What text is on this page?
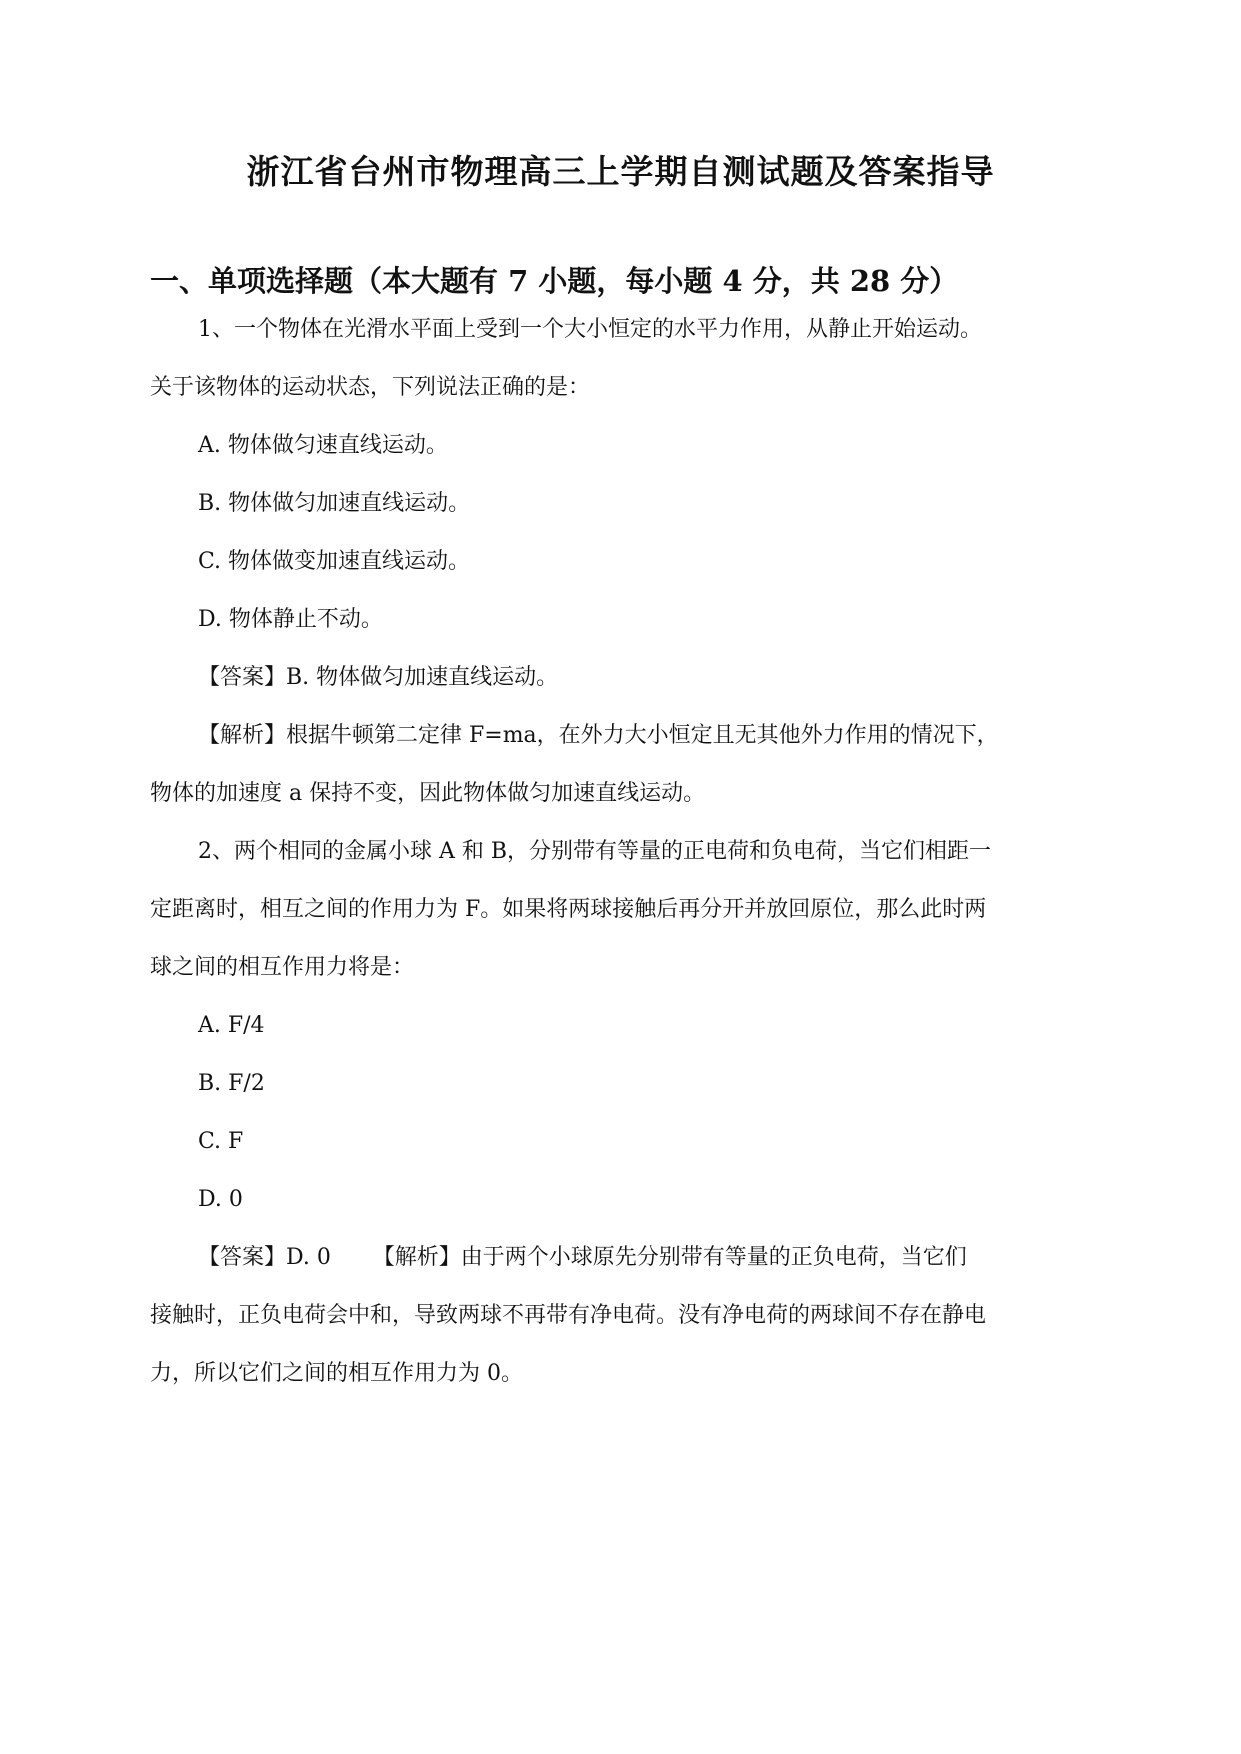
浙江省台州市物理高三上学期自测试题及答案指导
一、单项选择题（本大题有 7 小题，每小题 4 分，共 28 分）

1、一个物体在光滑水平面上受到一个大小恒定的水平力作用，从静止开始运动。

关于该物体的运动状态，下列说法正确的是：

A. 物体做匀速直线运动。

B. 物体做匀加速直线运动。

C. 物体做变加速直线运动。

D. 物体静止不动。

【答案】B. 物体做匀加速直线运动。

【解析】根据牛顿第二定律 F=ma，在外力大小恒定且无其他外力作用的情况下，

物体的加速度 a 保持不变，因此物体做匀加速直线运动。

2、两个相同的金属小球 A 和 B，分别带有等量的正电荷和负电荷，当它们相距一

定距离时，相互之间的作用力为 F。如果将两球接触后再分开并放回原位，那么此时两

球之间的相互作用力将是：

A. F/4

B. F/2

C. F

D. 0

【答案】D. 0      【解析】由于两个小球原先分别带有等量的正负电荷，当它们

接触时，正负电荷会中和，导致两球不再带有净电荷。没有净电荷的两球间不存在静电

力，所以它们之间的相互作用力为 0。
